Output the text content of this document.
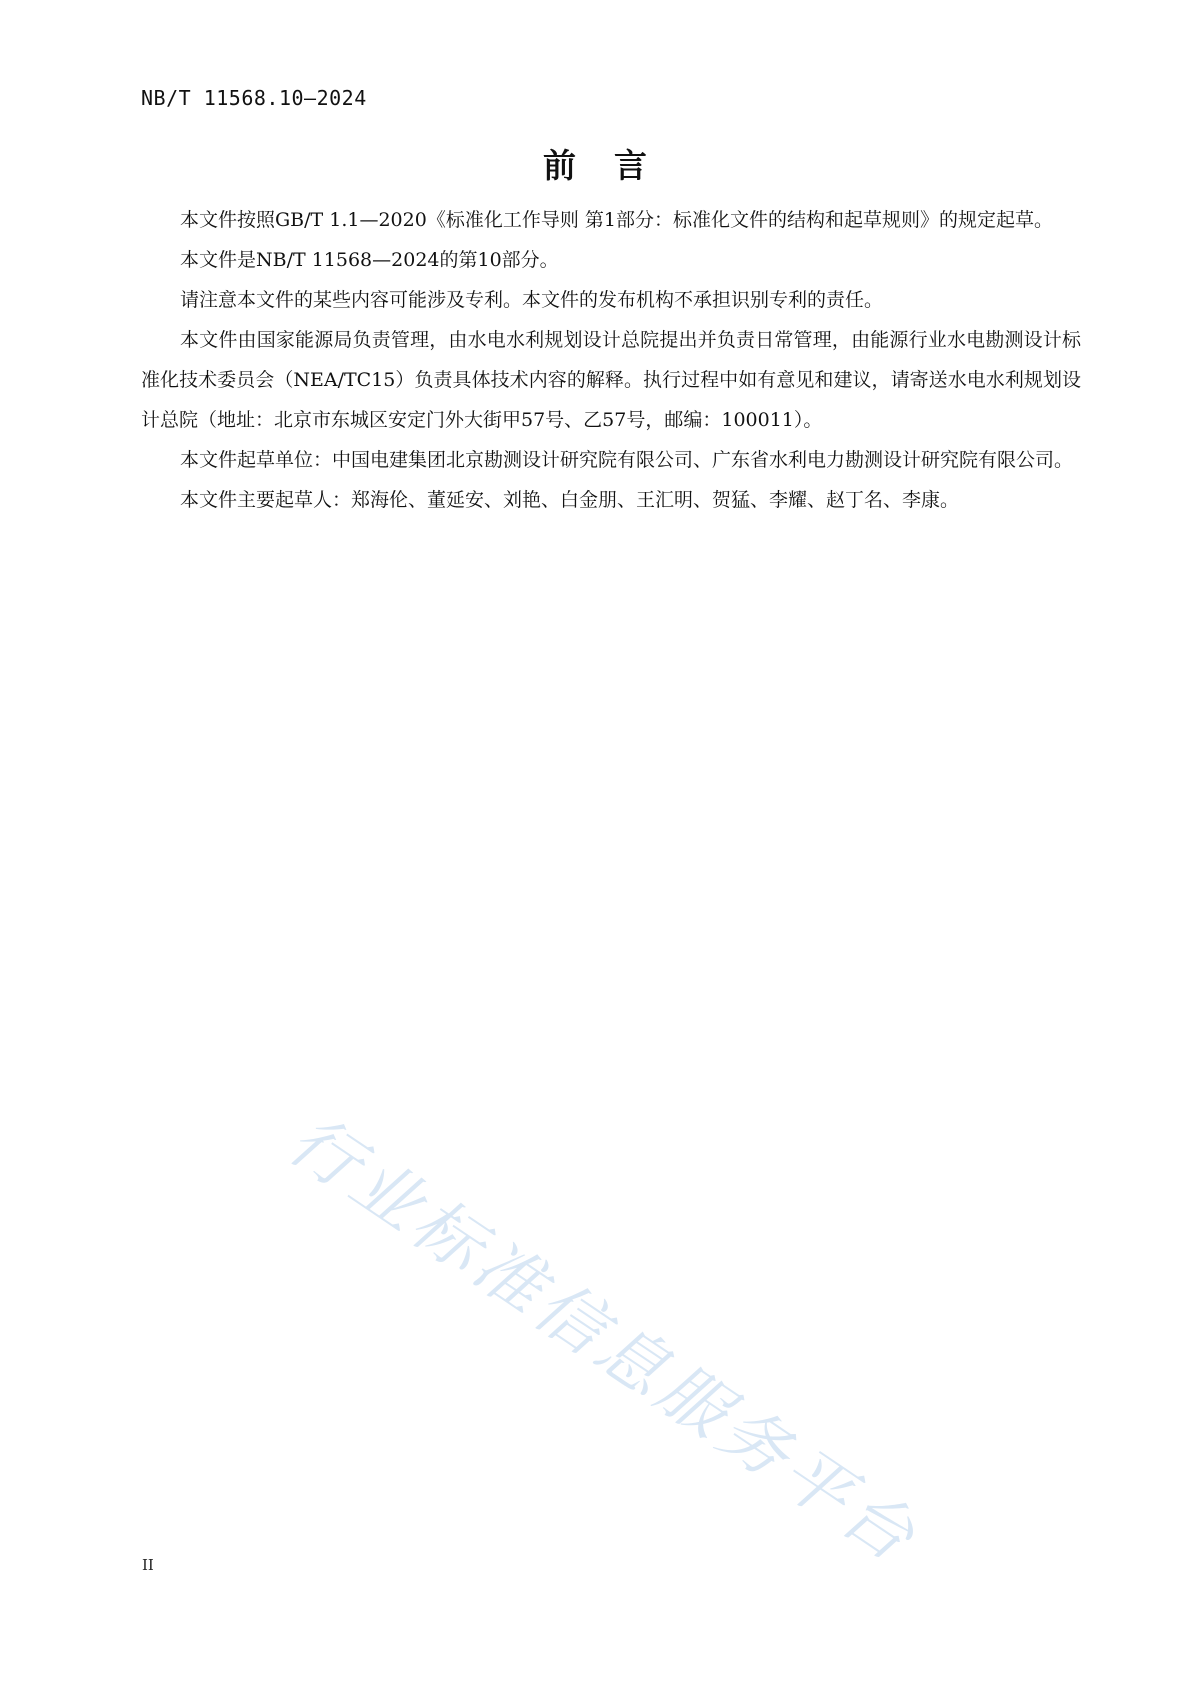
NB/T 11568.10—2024
前 言

本文件按照GB/T 1.1—2020《标准化工作导则 第1部分：标准化文件的结构和起草规则》的规定起草。

本文件是NB/T 11568—2024的第10部分。

请注意本文件的某些内容可能涉及专利。本文件的发布机构不承担识别专利的责任。

本文件由国家能源局负责管理，由水电水利规划设计总院提出并负责日常管理，由能源行业水电勘测设计标准化技术委员会（NEA/TC15）负责具体技术内容的解释。执行过程中如有意见和建议，请寄送水电水利规划设计总院（地址：北京市东城区安定门外大街甲57号、乙57号，邮编：100011）。

本文件起草单位：中国电建集团北京勘测设计研究院有限公司、广东省水利电力勘测设计研究院有限公司。

本文件主要起草人：郑海伦、董延安、刘艳、白金朋、王汇明、贺猛、李耀、赵丁名、李康。

行业标准信息服务平台
II
